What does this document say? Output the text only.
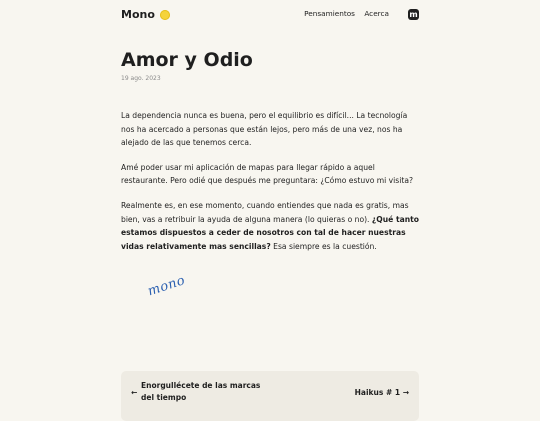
Mono	Pensamientos Acerca	m
Amor y Odio
19 ago. 2023

La dependencia nunca es buena, pero el equilibrio es difícil... La tecnología nos ha acercado a personas que están lejos, pero más de una vez, nos ha alejado de las que tenemos cerca.

Amé poder usar mi aplicación de mapas para llegar rápido a aquel restaurante. Pero odié que después me preguntara: ¿Cómo estuvo mi visita?

Realmente es, en ese momento, cuando entiendes que nada es gratis, mas bien, vas a retribuir la ayuda de alguna manera (lo quieras o no). ¿Qué tanto estamos dispuestos a ceder de nosotros con tal de hacer nuestras vidas relativamente mas sencillas? Esa siempre es la cuestión.

mono
←
Enorgullécete de las marcas del tiempo
Haikus # 1 →
